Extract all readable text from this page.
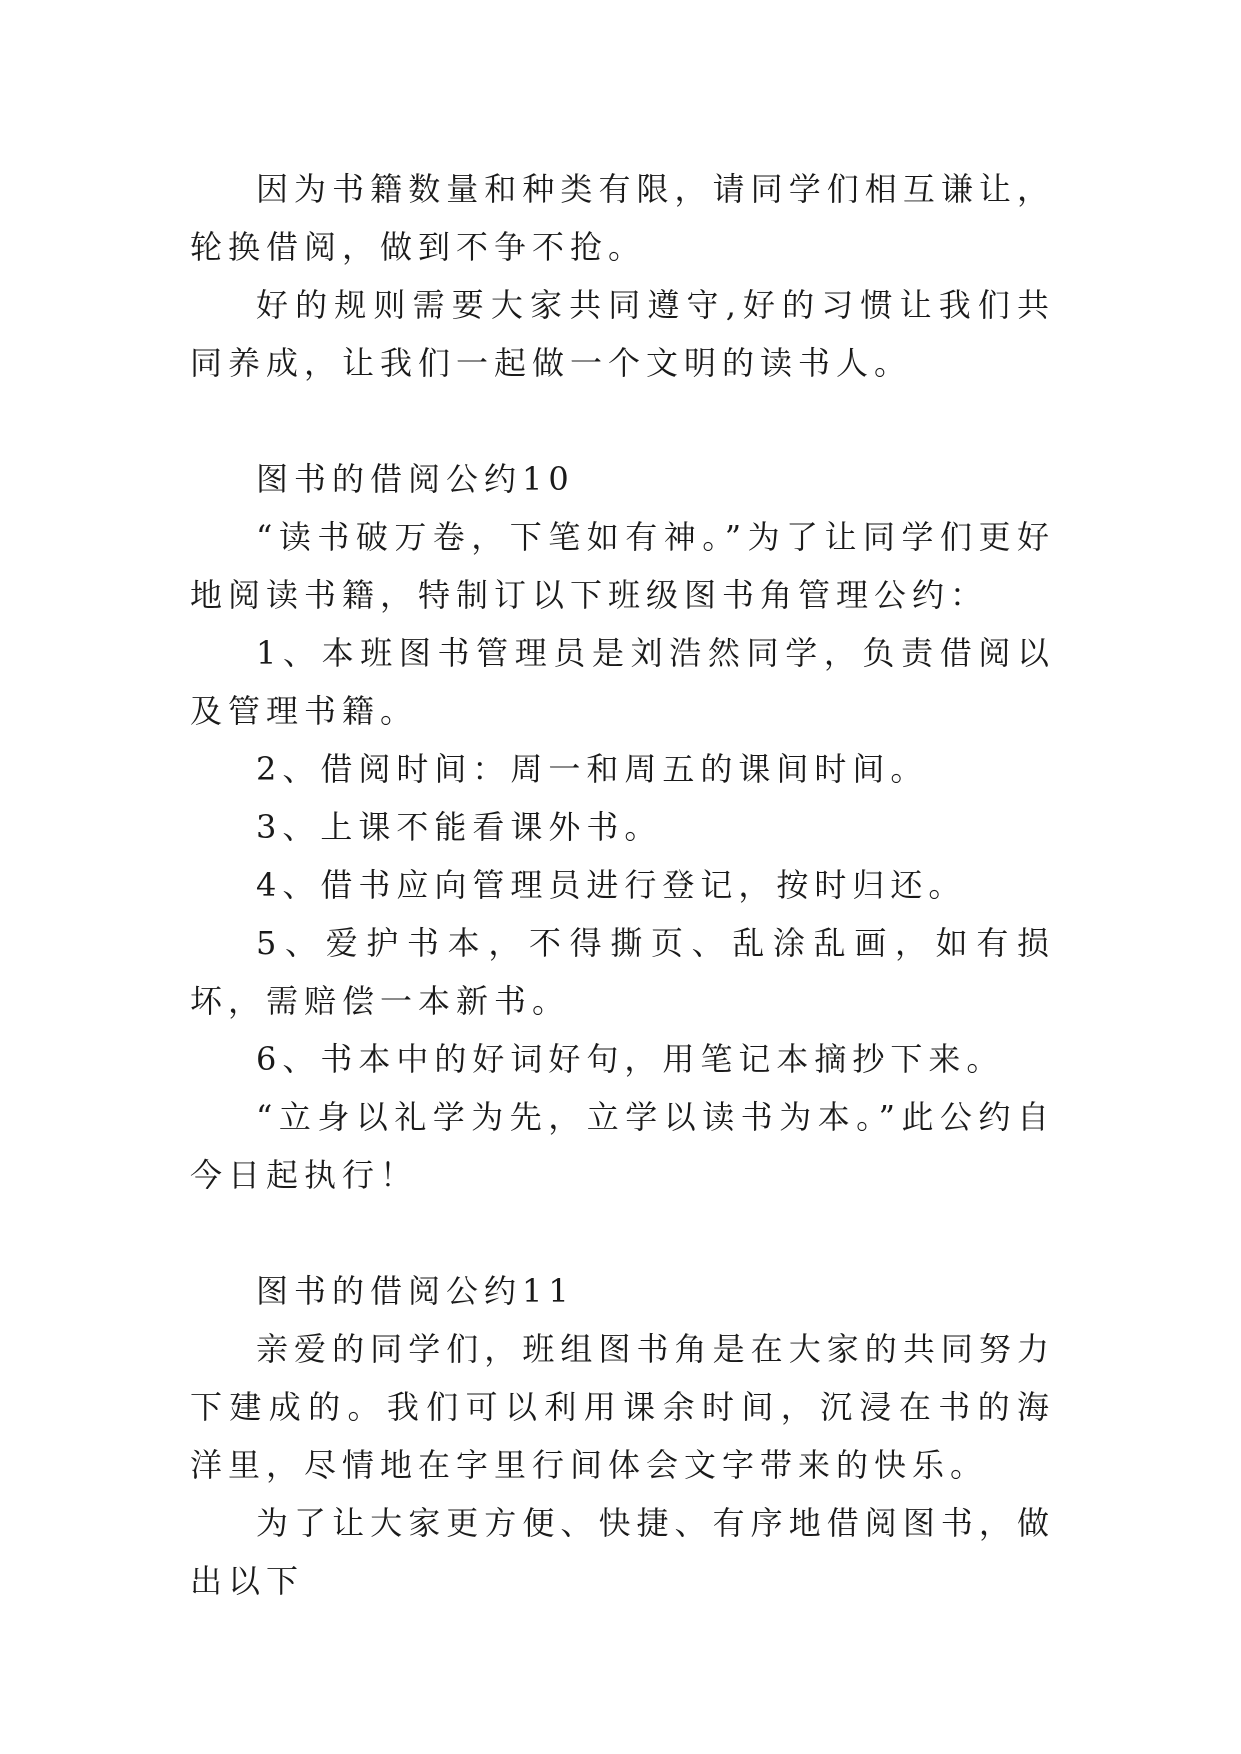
因为书籍数量和种类有限，请同学们相互谦让，轮换借阅，做到不争不抢。

好的规则需要大家共同遵守,好的习惯让我们共同养成，让我们一起做一个文明的读书人。

图书的借阅公约10

“读书破万卷，下笔如有神。”为了让同学们更好地阅读书籍，特制订以下班级图书角管理公约：

1、本班图书管理员是刘浩然同学，负责借阅以及管理书籍。

2、借阅时间：周一和周五的课间时间。

3、上课不能看课外书。

4、借书应向管理员进行登记，按时归还。

5、爱护书本，不得撕页、乱涂乱画，如有损坏，需赔偿一本新书。

6、书本中的好词好句，用笔记本摘抄下来。

“立身以礼学为先，立学以读书为本。”此公约自今日起执行！

图书的借阅公约11

亲爱的同学们，班组图书角是在大家的共同努力下建成的。我们可以利用课余时间，沉浸在书的海洋里，尽情地在字里行间体会文字带来的快乐。

为了让大家更方便、快捷、有序地借阅图书，做出以下
